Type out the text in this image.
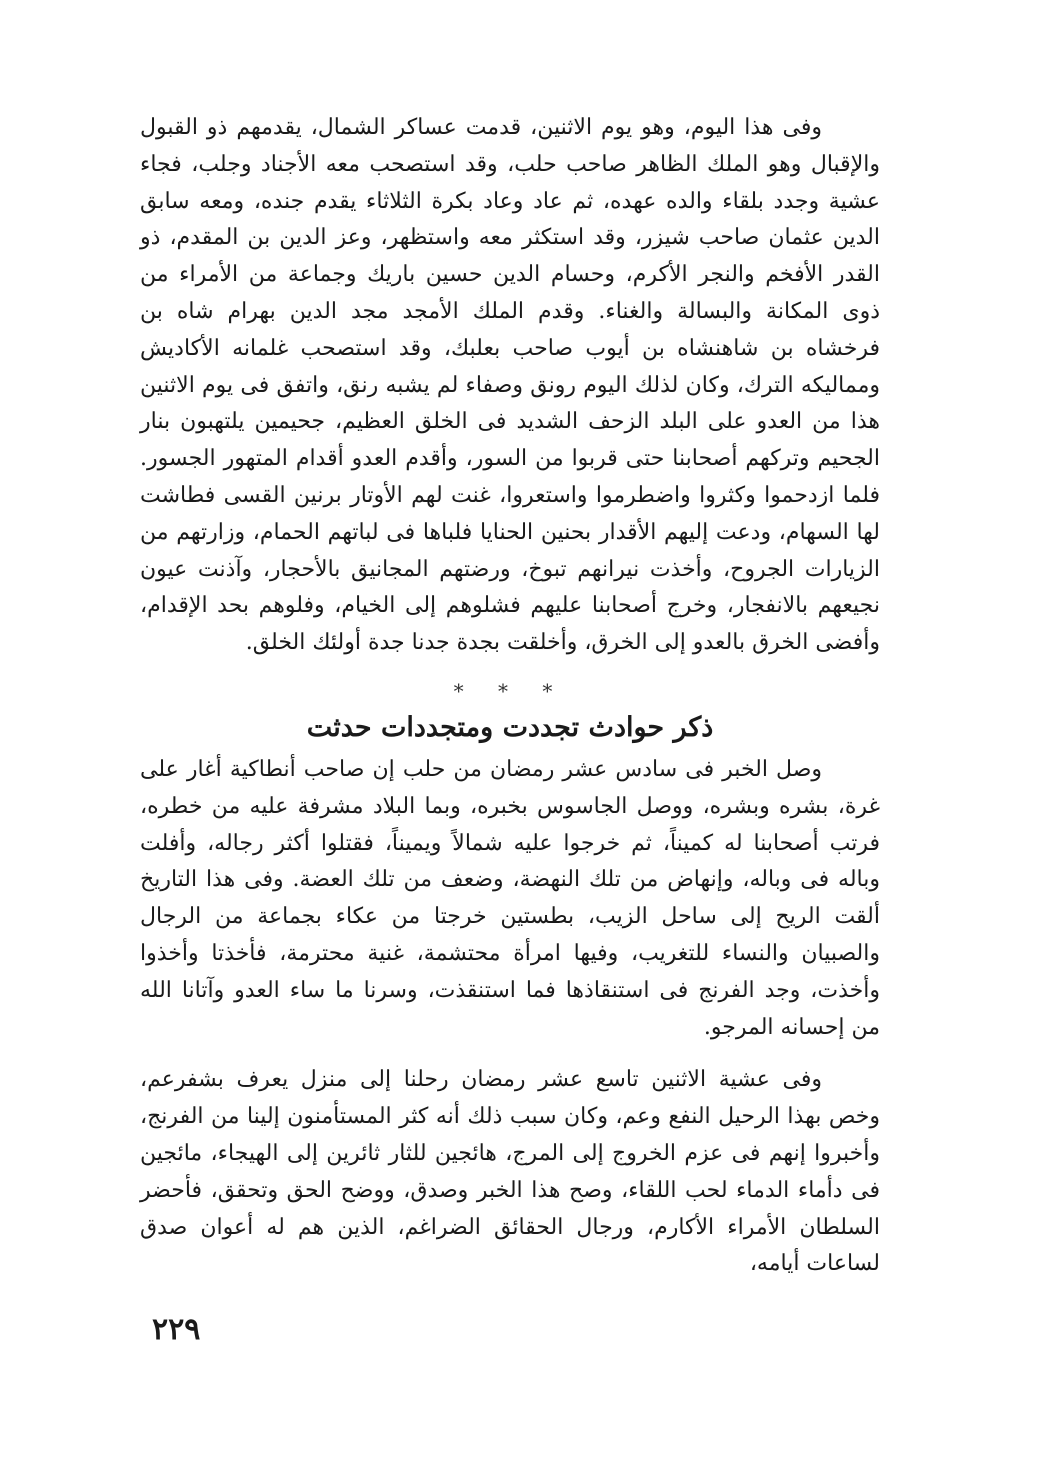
وفى هذا اليوم، وهو يوم الاثنين، قدمت عساكر الشمال، يقدمهم ذو القبول والإقبال وهو الملك الظاهر صاحب حلب، وقد استصحب معه الأجناد وجلب، فجاء عشية وجدد بلقاء والده عهده، ثم عاد وعاد بكرة الثلاثاء يقدم جنده، ومعه سابق الدين عثمان صاحب شيزر، وقد استكثر معه واستظهر، وعز الدين بن المقدم، ذو القدر الأفخم والنجر الأكرم، وحسام الدين حسين باريك وجماعة من الأمراء من ذوى المكانة والبسالة والغناء. وقدم الملك الأمجد مجد الدين بهرام شاه بن فرخشاه بن شاهنشاه بن أيوب صاحب بعلبك، وقد استصحب غلمانه الأكاديش ومماليكه الترك، وكان لذلك اليوم رونق وصفاء لم يشبه رنق، واتفق فى يوم الاثنين هذا من العدو على البلد الزحف الشديد فى الخلق العظيم، جحيمين يلتهبون بنار الجحيم وتركهم أصحابنا حتى قربوا من السور، وأقدم العدو أقدام المتهور الجسور. فلما ازدحموا وكثروا واضطرموا واستعروا، غنت لهم الأوتار برنين القسى فطاشت لها السهام، ودعت إليهم الأقدار بحنين الحنايا فلباها فى لباتهم الحمام، وزارتهم من الزيارات الجروح، وأخذت نيرانهم تبوخ، ورضتهم المجانيق بالأحجار، وآذنت عيون نجيعهم بالانفجار، وخرج أصحابنا عليهم فشلوهم إلى الخيام، وفلوهم بحد الإقدام، وأفضى الخرق بالعدو إلى الخرق، وأخلقت بجدة جدنا جدة أولئك الخلق.

* * *
ذكر حوادث تجددت ومتجددات حدثت

وصل الخبر فى سادس عشر رمضان من حلب إن صاحب أنطاكية أغار على غرة، بشره وبشره، ووصل الجاسوس بخبره، وبما البلاد مشرفة عليه من خطره، فرتب أصحابنا له كميناً، ثم خرجوا عليه شمالاً ويميناً، فقتلوا أكثر رجاله، وأفلت وباله فى وباله، وإنهاض من تلك النهضة، وضعف من تلك العضة. وفى هذا التاريخ ألقت الريح إلى ساحل الزيب، بطستين خرجتا من عكاء بجماعة من الرجال والصبيان والنساء للتغريب، وفيها امرأة محتشمة، غنية محترمة، فأخذتا وأخذوا وأخذت، وجد الفرنج فى استنقاذها فما استنقذت، وسرنا ما ساء العدو وآتانا الله من إحسانه المرجو.

وفى عشية الاثنين تاسع عشر رمضان رحلنا إلى منزل يعرف بشفرعم، وخص بهذا الرحيل النفع وعم، وكان سبب ذلك أنه كثر المستأمنون إلينا من الفرنج، وأخبروا إنهم فى عزم الخروج إلى المرج، هائجين للثار ثائرين إلى الهيجاء، مائجين فى دأماء الدماء لحب اللقاء، وصح هذا الخبر وصدق، ووضح الحق وتحقق، فأحضر السلطان الأمراء الأكارم، ورجال الحقائق الضراغم، الذين هم له أعوان صدق لساعات أيامه،

٢٢٩
